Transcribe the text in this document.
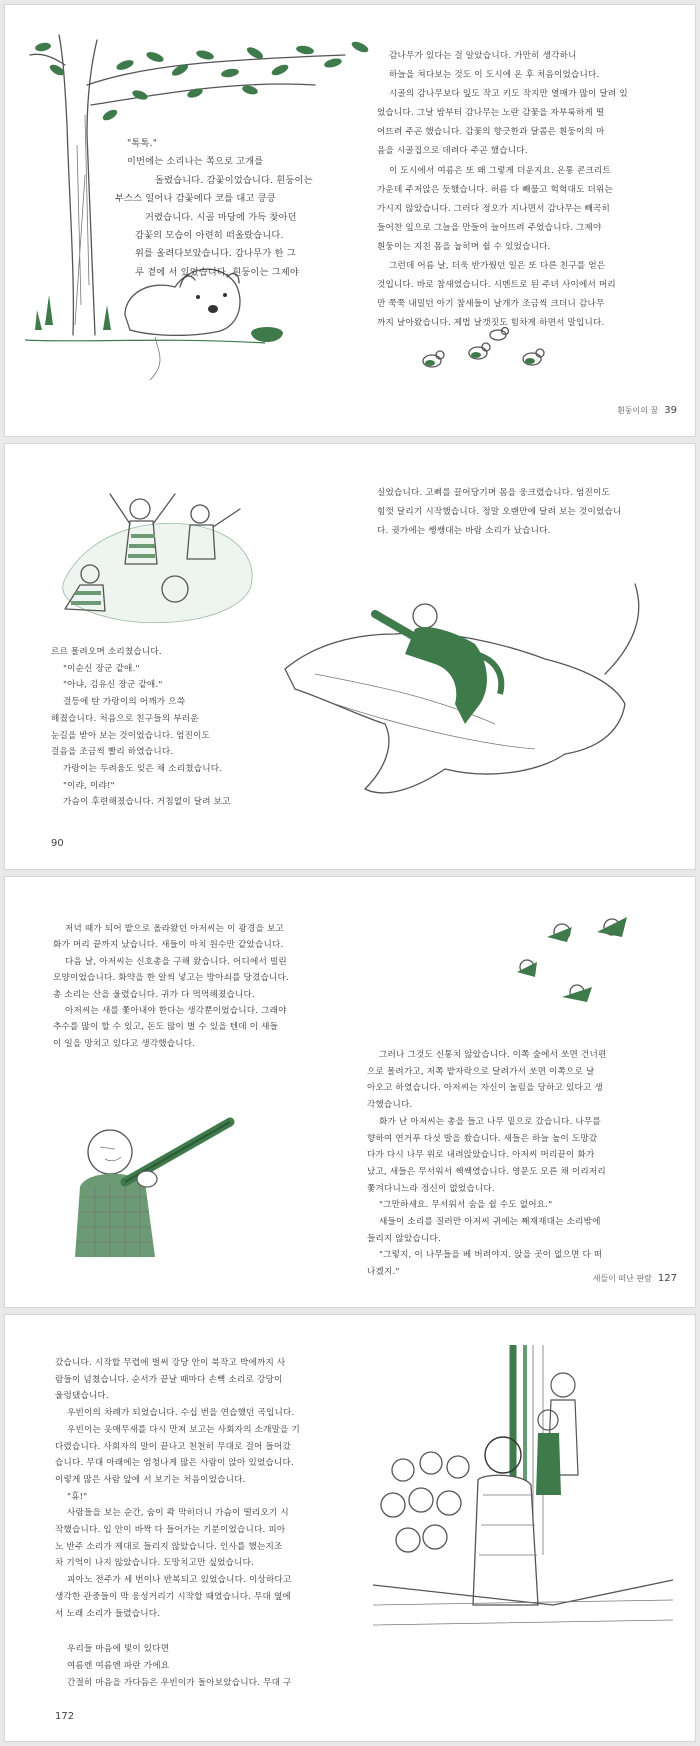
"톡톡."

이번에는 소리나는 쪽으로 고개를

돌렸습니다. 감꽃이었습니다. 흰둥이는

부스스 일어나 감꽃에다 코를 대고 킁킁

거렸습니다. 시골 마당에 가득 찾아던

감꽃의 모습이 아련히 떠올랐습니다.

위를 올려다보았습니다. 감나무가 한 그

루 곁에 서 있었습니다. 흰둥이는 그제야

감나무가 있다는 걸 알았습니다. 가만히 생각하니

하늘을 쳐다보는 것도 이 도시에 온 후 처음이었습니다.

시골의 감나무보다 잎도 작고 키도 작지만 열매가 많이 달려 있

었습니다. 그날 밤부터 감나무는 노란 감꽃을 자부룩하게 떨

어뜨려 주곤 했습니다. 감꽃의 향긋한과 달콤은 흰둥이의 마

음을 시골집으로 데려다 주곤 했습니다.

이 도시에서 여름은 또 왜 그렇게 더운지요. 온통 콘크리트

가운데 주저앉은 듯했습니다. 허름 다 빼물고 헉헉대도 더위는

가시지 않았습니다. 그러다 정오가 지나면서 감나무는 빼곡히

들어찬 잎으로 그늘을 만들어 늘어뜨려 주었습니다. 그제야

흰둥이는 지친 몸을 눕히며 쉴 수 있었습니다.

그런데 어름 날, 더욱 반가웠던 일은 또 다른 친구를 얻은

것입니다. 바로 참새였습니다. 시멘트로 된 주녀 사이에서 머리

만 쭉쭉 내밀던 아기 참새들이 날개가 조금씩 크더니 감나무

까지 날아왔습니다. 제법 날갯짓도 힘차게 하면서 말입니다.

흰둥이의 꿈 39

실었습니다. 고삐를 끌어당기며 몸을 웅크렸습니다. 엄진이도

힘껏 달리기 시작했습니다. 정말 오랜만에 달려 보는 것이었습니

다. 귓가에는 쌩쌩대는 바람 소리가 났습니다.

르르 몰려오며 소리쳤습니다.

"이순신 장군 같애."

"아냐, 김유신 장군 같애."

걸등에 탄 가랑이의 어깨가 으쓱

해졌습니다. 처음으로 친구들의 부러운

눈길을 받아 보는 것이었습니다. 엄진이도

걸음을 조금씩 빨리 하였습니다.

가랑이는 두려움도 잊은 채 소리쳤습니다.

"이랴, 이랴!"

가슴이 후련해졌습니다. 거침없이 달려 보고

90

저녁 때가 되어 밭으로 올라왔던 아저씨는 이 광경을 보고

화가 머리 끝까지 났습니다. 새들이 마치 원수만 같았습니다.

다음 날, 아저씨는 신호총을 구해 왔습니다. 어디에서 빌린

모양이었습니다. 화약을 한 알씩 넣고는 방아쇠를 당겼습니다.

총 소리는 산을 울렸습니다. 귀가 다 먹먹해졌습니다.

아저씨는 새를 쫓아내야 한다는 생각뿐이었습니다. 그래야

추수를 많이 할 수 있고, 돈도 많이 벌 수 있을 텐데 이 새들

이 일을 망치고 있다고 생각했습니다.

그러나 그것도 신통치 않았습니다. 이쪽 숲에서 쏘면 건너편

으로 몰려가고, 저쪽 밭자락으로 달려가서 쏘면 이쪽으로 날

아오고 하였습니다. 아저씨는 자신이 놀림을 당하고 있다고 생

각했습니다.

화가 난 아저씨는 총을 들고 나무 밑으로 갔습니다. 나무를

향하여 연거푸 다섯 발을 쐈습니다. 새들은 하늘 높이 도망갔

다가 다시 나무 위로 내려앉았습니다. 아저씨 머리끝이 화가

났고, 새들은 무서워서 쌕쌕였습니다. 영문도 모른 채 이리저리

쫓겨다니느라 정신이 없었습니다.

"그만하세요. 무서워서 숨을 쉴 수도 없어요."

새들이 소리를 질러만 아저씨 귀에는 째재재대는 소리밖에

들리지 않았습니다.

"그렇지, 이 나무들을 베 버려야지. 앉을 곳이 없으면 다 떠

나겠지."

새들이 떠난 판람 127

갔습니다. 시작할 무렵에 벌써 강당 안이 북작고 박에까지 사

람들이 넘쳤습니다. 순서가 끝날 때마다 손뼉 소리로 강당이

울렁댔습니다.

우빈이의 차례가 되었습니다. 수십 번을 연습했던 곡입니다.

우빈이는 옷매무새를 다시 만져 보고는 사회자의 소개말을 기

다렸습니다. 사회자의 말이 끝나고 천천히 무대로 걸어 들어갔

습니다. 무대 아래에는 엄청나게 많은 사람이 앉아 있었습니다.

이렇게 많은 사람 앞에 서 보기는 처음이었습니다.

"휴!"

사람들을 보는 순간, 숨이 콱 막히더니 가슴이 떨리오기 시

작했습니다. 입 안이 바짝 다 들어가는 기분이었습니다. 피아

노 반주 소리가 제대로 들리지 않았습니다. 인사를 했는지조

차 기억이 나지 않았습니다. 도망치고만 싶었습니다.

피아노 전주가 세 번이나 반복되고 있었습니다. 이상하다고

생각한 관중들이 막 웅성거리기 시작할 때였습니다. 무대 옆에

서 노래 소리가 들렸습니다.

우리들 마음에 빛이 있다면

여름엔 여름엔 파란 가에요

간절히 마음을 가다듬은 우빈이가 돌아보았습니다. 무대 구

172
